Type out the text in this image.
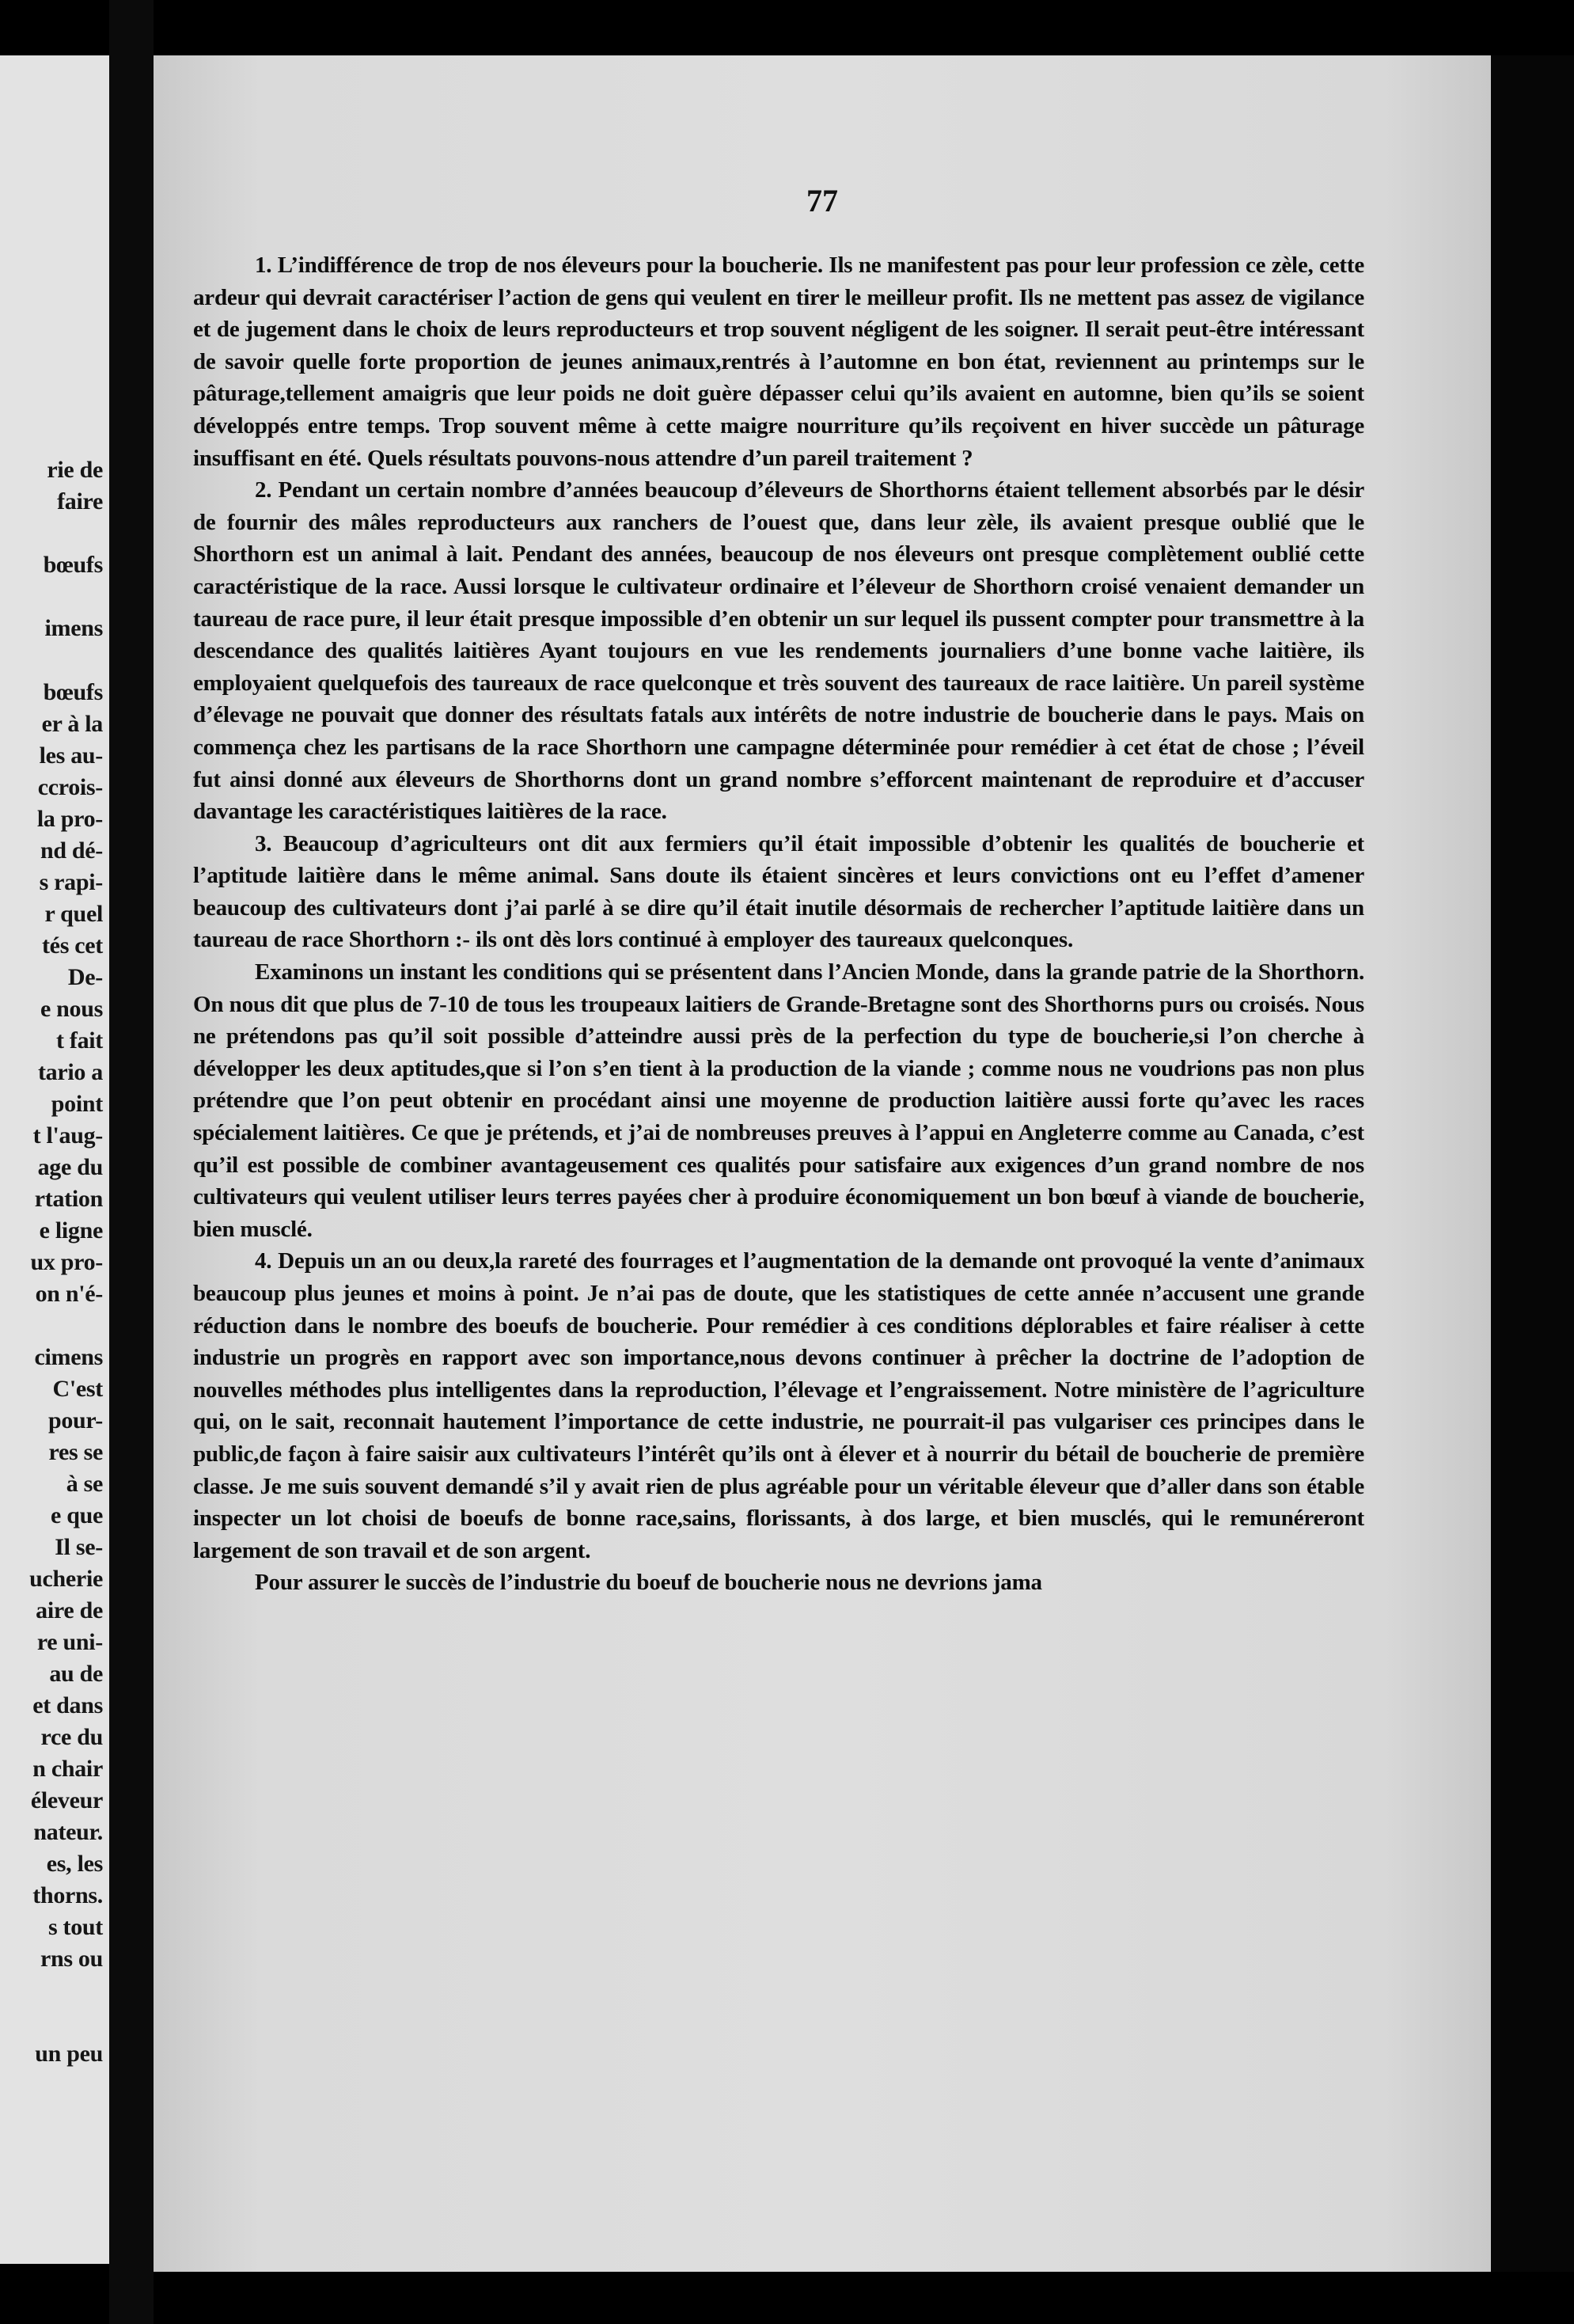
rie de

faire

bœufs

imens

bœufs

er à la

les au-

ccrois-

la pro-

nd dé-

s rapi-

r quel

tés cet

De-

e nous

t fait

tario a

point

t l'aug-

age du

rtation

e ligne

ux pro-

on n'é-

cimens

C'est

pour-

res se

à se

e que

Il se-

ucherie

aire de

re uni-

au de

et dans

rce du

n chair

éleveur

nateur.

es, les

thorns.

s tout

rns ou

un peu

77

1. L’indifférence de trop de nos éleveurs pour la boucherie. Ils ne manifestent pas pour leur profession ce zèle, cette ardeur qui devrait caractériser l’action de gens qui veulent en tirer le meilleur profit. Ils ne mettent pas assez de vigilance et de jugement dans le choix de leurs reproducteurs et trop souvent négligent de les soigner. Il serait peut-être intéressant de savoir quelle forte proportion de jeunes animaux,rentrés à l’automne en bon état, reviennent au printemps sur le pâturage,tellement amaigris que leur poids ne doit guère dépasser celui qu’ils avaient en automne, bien qu’ils se soient développés entre temps. Trop souvent même à cette maigre nourriture qu’ils reçoivent en hiver succède un pâturage insuffisant en été. Quels résultats pouvons-nous attendre d’un pareil traitement ?

2. Pendant un certain nombre d’années beaucoup d’éleveurs de Shorthorns étaient tellement absorbés par le désir de fournir des mâles reproducteurs aux ranchers de l’ouest que, dans leur zèle, ils avaient presque oublié que le Shorthorn est un animal à lait. Pendant des années, beaucoup de nos éleveurs ont presque complètement oublié cette caractéristique de la race. Aussi lorsque le cultivateur ordinaire et l’éleveur de Shorthorn croisé venaient demander un taureau de race pure, il leur était presque impossible d’en obtenir un sur lequel ils pussent compter pour transmettre à la descendance des qualités laitières Ayant toujours en vue les rendements journaliers d’une bonne vache laitière, ils employaient quelquefois des taureaux de race quelconque et très souvent des taureaux de race laitière. Un pareil système d’élevage ne pouvait que donner des résultats fatals aux intérêts de notre industrie de boucherie dans le pays. Mais on commença chez les partisans de la race Shorthorn une campagne déterminée pour remédier à cet état de chose ; l’éveil fut ainsi donné aux éleveurs de Shorthorns dont un grand nombre s’efforcent maintenant de reproduire et d’accuser davantage les caractéristiques laitières de la race.

3. Beaucoup d’agriculteurs ont dit aux fermiers qu’il était impossible d’obtenir les qualités de boucherie et l’aptitude laitière dans le même animal. Sans doute ils étaient sincères et leurs convictions ont eu l’effet d’amener beaucoup des cultivateurs dont j’ai parlé à se dire qu’il était inutile désormais de rechercher l’aptitude laitière dans un taureau de race Shorthorn :- ils ont dès lors continué à employer des taureaux quelconques.

Examinons un instant les conditions qui se présentent dans l’Ancien Monde, dans la grande patrie de la Shorthorn. On nous dit que plus de 7-10 de tous les troupeaux laitiers de Grande-Bretagne sont des Shorthorns purs ou croisés. Nous ne prétendons pas qu’il soit possible d’atteindre aussi près de la perfection du type de boucherie,si l’on cherche à développer les deux aptitudes,que si l’on s’en tient à la production de la viande ; comme nous ne voudrions pas non plus prétendre que l’on peut obtenir en procédant ainsi une moyenne de production laitière aussi forte qu’avec les races spécialement laitières. Ce que je prétends, et j’ai de nombreuses preuves à l’appui en Angleterre comme au Canada, c’est qu’il est possible de combiner avantageusement ces qualités pour satisfaire aux exigences d’un grand nombre de nos cultivateurs qui veulent utiliser leurs terres payées cher à produire économiquement un bon bœuf à viande de boucherie, bien musclé.

4. Depuis un an ou deux,la rareté des fourrages et l’augmentation de la demande ont provoqué la vente d’animaux beaucoup plus jeunes et moins à point. Je n’ai pas de doute, que les statistiques de cette année n’accusent une grande réduction dans le nombre des boeufs de boucherie. Pour remédier à ces conditions déplorables et faire réaliser à cette industrie un progrès en rapport avec son importance,nous devons continuer à prêcher la doctrine de l’adoption de nouvelles méthodes plus intelligentes dans la reproduction, l’élevage et l’engraissement. Notre ministère de l’agriculture qui, on le sait, reconnait hautement l’importance de cette industrie, ne pourrait-il pas vulgariser ces principes dans le public,de façon à faire saisir aux cultivateurs l’intérêt qu’ils ont à élever et à nourrir du bétail de boucherie de première classe. Je me suis souvent demandé s’il y avait rien de plus agréable pour un véritable éleveur que d’aller dans son étable inspecter un lot choisi de boeufs de bonne race,sains, florissants, à dos large, et bien musclés, qui le remunéreront largement de son travail et de son argent.

Pour assurer le succès de l’industrie du boeuf de boucherie nous ne devrions jama
